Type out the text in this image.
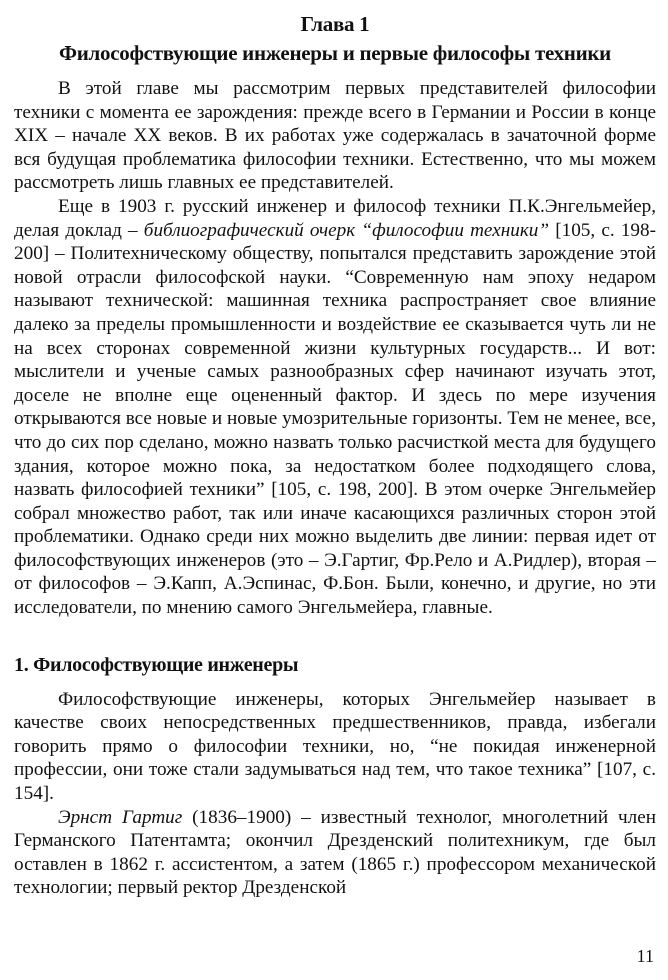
Глава 1
Философствующие инженеры и первые философы техники

В этой главе мы рассмотрим первых представителей философии техники с момента ее зарождения: прежде всего в Германии и России в конце XIX – начале XX веков. В их работах уже содержалась в зачаточной форме вся будущая проблематика философии техники. Естественно, что мы можем рассмотреть лишь главных ее представителей.

Еще в 1903 г. русский инженер и философ техники П.К.Энгельмейер, делая доклад – библиографический очерк “философии техники” [105, с. 198-200] – Политехническому обществу, попытался представить зарождение этой новой отрасли философской науки. “Современную нам эпоху недаром называют технической: машинная техника распространяет свое влияние далеко за пределы промышленности и воздействие ее сказывается чуть ли не на всех сторонах современной жизни культурных государств... И вот: мыслители и ученые самых разнообразных сфер начинают изучать этот, доселе не вполне еще оцененный фактор. И здесь по мере изучения открываются все новые и новые умозрительные горизонты. Тем не менее, все, что до сих пор сделано, можно назвать только расчисткой места для будущего здания, которое можно пока, за недостатком более подходящего слова, назвать философией техники” [105, с. 198, 200]. В этом очерке Энгельмейер собрал множество работ, так или иначе касающихся различных сторон этой проблематики. Однако среди них можно выделить две линии: первая идет от философствующих инженеров (это – Э.Гартиг, Фр.Рело и А.Ридлер), вторая – от философов – Э.Капп, А.Эспинас, Ф.Бон. Были, конечно, и другие, но эти исследователи, по мнению самого Энгельмейера, главные.

1. Философствующие инженеры

Философствующие инженеры, которых Энгельмейер называет в качестве своих непосредственных предшественников, правда, избегали говорить прямо о философии техники, но, “не покидая инженерной профессии, они тоже стали задумываться над тем, что такое техника” [107, с. 154].

Эрнст Гартиг (1836–1900) – известный технолог, многолетний член Германского Патентамта; окончил Дрезденский политехникум, где был оставлен в 1862 г. ассистентом, а затем (1865 г.) профессором механической технологии; первый ректор Дрезденской

11
